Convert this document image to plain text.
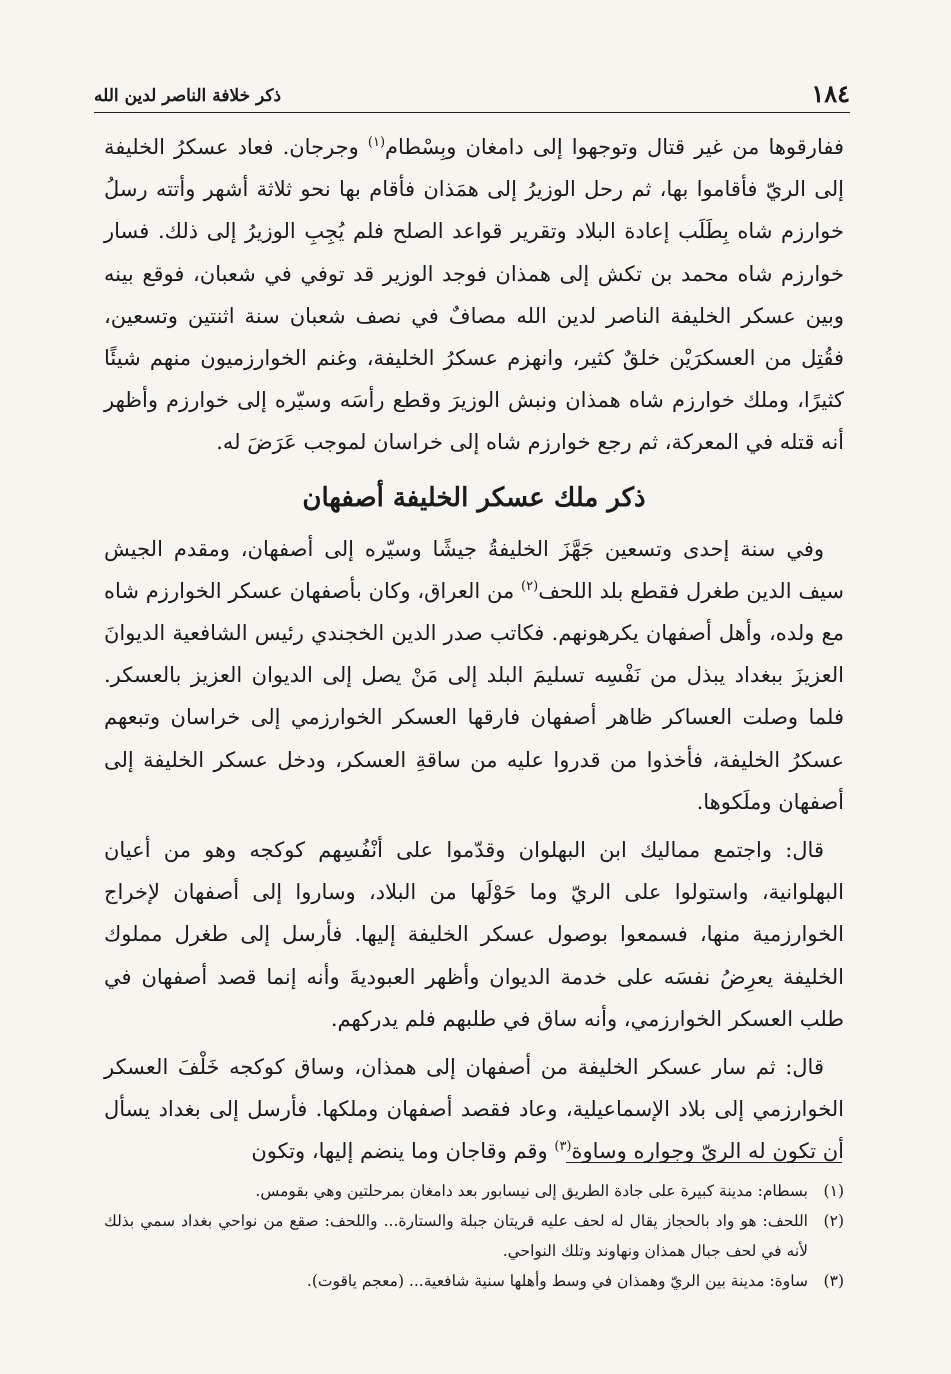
١٨٤
ذكر خلافة الناصر لدين الله

ففارقوها من غير قتال وتوجهوا إلى دامغان وبِسْطام$^{(١)}$ وجرجان. فعاد عسكرُ الخليفة إلى الريّ فأقاموا بها، ثم رحل الوزيرُ إلى همَذان فأقام بها نحو ثلاثة أشهر وأتته رسلُ خوارزم شاه بِطَلَب إعادة البلاد وتقرير قواعد الصلح فلم يُجِبِ الوزيرُ إلى ذلك. فسار خوارزم شاه محمد بن تكش إلى همذان فوجد الوزير قد توفي في شعبان، فوقع بينه وبين عسكر الخليفة الناصر لدين الله مصافٌ في نصف شعبان سنة اثنتين وتسعين، فقُتِل من العسكرَيْن خلقٌ كثير، وانهزم عسكرُ الخليفة، وغنم الخوارزميون منهم شيئًا كثيرًا، وملك خوارزم شاه همذان ونبش الوزيرَ وقطع رأسَه وسيّره إلى خوارزم وأظهر أنه قتله في المعركة، ثم رجع خوارزم شاه إلى خراسان لموجب عَرَضَ له.

ذكر ملك عسكر الخليفة أصفهان

وفي سنة إحدى وتسعين جَهَّزَ الخليفةُ جيشًا وسيّره إلى أصفهان، ومقدم الجيش سيف الدين طغرل فقطع بلد اللحف$^{(٢)}$ من العراق، وكان بأصفهان عسكر الخوارزم شاه مع ولده، وأهل أصفهان يكرهونهم. فكاتب صدر الدين الخجندي رئيس الشافعية الديوانَ العزيزَ ببغداد يبذل من نَفْسِه تسليمَ البلد إلى مَنْ يصل إلى الديوان العزيز بالعسكر. فلما وصلت العساكر ظاهر أصفهان فارقها العسكر الخوارزمي إلى خراسان وتبعهم عسكرُ الخليفة، فأخذوا من قدروا عليه من ساقةِ العسكر، ودخل عسكر الخليفة إلى أصفهان وملَكوها.

قال: واجتمع مماليك ابن البهلوان وقدّموا على أنْفُسِهم كوكجه وهو من أعيان البهلوانية، واستولوا على الريّ وما حَوْلَها من البلاد، وساروا إلى أصفهان لإخراج الخوارزمية منها، فسمعوا بوصول عسكر الخليفة إليها. فأرسل إلى طغرل مملوك الخليفة يعرِضُ نفسَه على خدمة الديوان وأظهر العبوديةَ وأنه إنما قصد أصفهان في طلب العسكر الخوارزمي، وأنه ساق في طلبهم فلم يدركهم.

قال: ثم سار عسكر الخليفة من أصفهان إلى همذان، وساق كوكجه خَلْفَ العسكر الخوارزمي إلى بلاد الإسماعيلية، وعاد فقصد أصفهان وملكها. فأرسل إلى بغداد يسأل أن تكون له الريّ وجواره وساوة$^{(٣)}$ وقم وقاجان وما ينضم إليها، وتكون

(١)
بسطام: مدينة كبيرة على جادة الطريق إلى نيسابور بعد دامغان بمرحلتين وهي بقومس.
(٢)
اللحف: هو واد بالحجاز يقال له لحف عليه قريتان جبلة والستارة... واللحف: صقع من نواحي بغداد سمي بذلك لأنه في لحف جبال همذان ونهاوند وتلك النواحي.
(٣)
ساوة: مدينة بين الريّ وهمذان في وسط وأهلها سنية شافعية... (معجم ياقوت).
